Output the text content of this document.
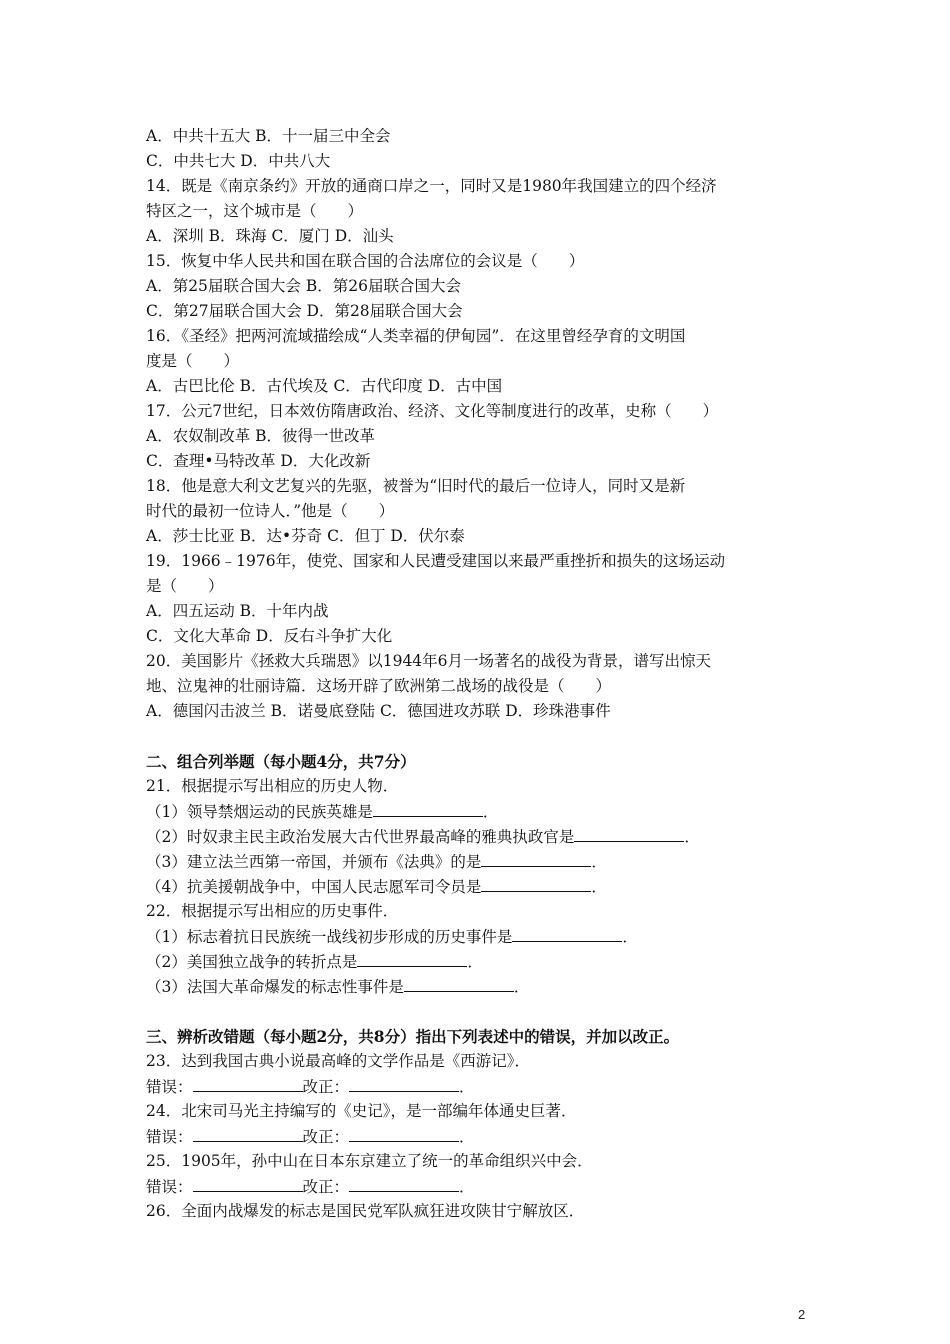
A．中共十五大 B．十一届三中全会
C．中共七大 D．中共八大
14．既是《南京条约》开放的通商口岸之一，同时又是1980年我国建立的四个经济
特区之一，这个城市是（　　）
A．深圳 B．珠海 C．厦门 D．汕头
15．恢复中华人民共和国在联合国的合法席位的会议是（　　）
A．第25届联合国大会 B．第26届联合国大会
C．第27届联合国大会 D．第28届联合国大会
16．《圣经》把两河流域描绘成“人类幸福的伊甸园”．在这里曾经孕育的文明国
度是（　　）
A．古巴比伦 B．古代埃及 C．古代印度 D．古中国
17．公元7世纪，日本效仿隋唐政治、经济、文化等制度进行的改革，史称（　　）
A．农奴制改革 B．彼得一世改革
C．查理•马特改革 D．大化改新
18．他是意大利文艺复兴的先驱，被誉为“旧时代的最后一位诗人，同时又是新
时代的最初一位诗人．”他是（　　）
A．莎士比亚 B．达•芬奇 C．但丁 D．伏尔泰
19．1966﹣1976年，使党、国家和人民遭受建国以来最严重挫折和损失的这场运动
是（　　）
A．四五运动 B．十年内战
C．文化大革命 D．反右斗争扩大化
20．美国影片《拯救大兵瑞恩》以1944年6月一场著名的战役为背景，谱写出惊天
地、泣鬼神的壮丽诗篇．这场开辟了欧洲第二战场的战役是（　　）
A．德国闪击波兰 B．诺曼底登陆 C．德国进攻苏联 D．珍珠港事件
二、组合列举题（每小题4分，共7分）
21．根据提示写出相应的历史人物．
（1）领导禁烟运动的民族英雄是	．
（2）时奴隶主民主政治发展大古代世界最高峰的雅典执政官是	．
（3）建立法兰西第一帝国，并颁布《法典》的是	．
（4）抗美援朝战争中，中国人民志愿军司令员是	．
22．根据提示写出相应的历史事件．
（1）标志着抗日民族统一战线初步形成的历史事件是	．
（2）美国独立战争的转折点是	．
（3）法国大革命爆发的标志性事件是	．
三、辨析改错题（每小题2分，共8分）指出下列表述中的错误，并加以改正。
23．达到我国古典小说最高峰的文学作品是《西游记》．
错误：	改正：	．
24．北宋司马光主持编写的《史记》，是一部编年体通史巨著．
错误：	改正：	．
25．1905年，孙中山在日本东京建立了统一的革命组织兴中会．
错误：	改正：	．
26．全面内战爆发的标志是国民党军队疯狂进攻陕甘宁解放区．
2
